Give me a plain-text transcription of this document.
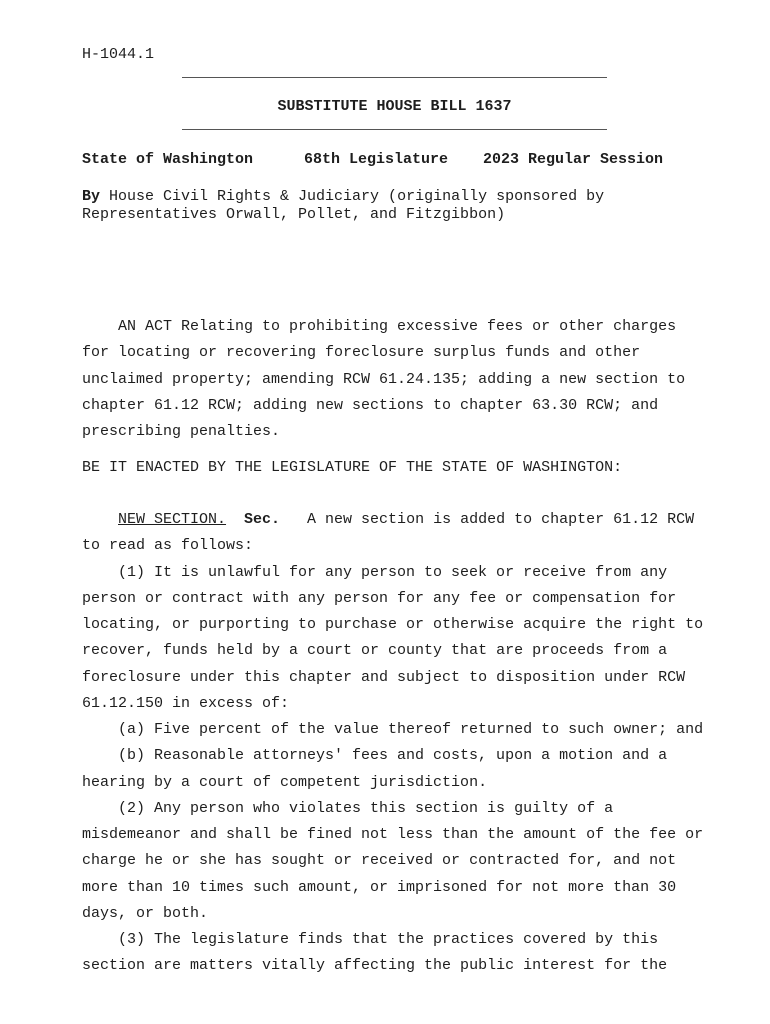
H-1044.1
SUBSTITUTE HOUSE BILL 1637
State of Washington	68th Legislature 2023 Regular Session
By House Civil Rights & Judiciary (originally sponsored by
Representatives Orwall, Pollet, and Fitzgibbon)
AN ACT Relating to prohibiting excessive fees or other charges
for locating or recovering foreclosure surplus funds and other
unclaimed property; amending RCW 61.24.135; adding a new section to
chapter 61.12 RCW; adding new sections to chapter 63.30 RCW; and
prescribing penalties.
BE IT ENACTED BY THE LEGISLATURE OF THE STATE OF WASHINGTON:
NEW SECTION. Sec. A new section is added to chapter 61.12 RCW
to read as follows:
(1) It is unlawful for any person to seek or receive from any
person or contract with any person for any fee or compensation for
locating, or purporting to purchase or otherwise acquire the right to
recover, funds held by a court or county that are proceeds from a
foreclosure under this chapter and subject to disposition under RCW
61.12.150 in excess of:
(a) Five percent of the value thereof returned to such owner; and
(b) Reasonable attorneys' fees and costs, upon a motion and a
hearing by a court of competent jurisdiction.
(2) Any person who violates this section is guilty of a
misdemeanor and shall be fined not less than the amount of the fee or
charge he or she has sought or received or contracted for, and not
more than 10 times such amount, or imprisoned for not more than 30
days, or both.
(3) The legislature finds that the practices covered by this
section are matters vitally affecting the public interest for the
